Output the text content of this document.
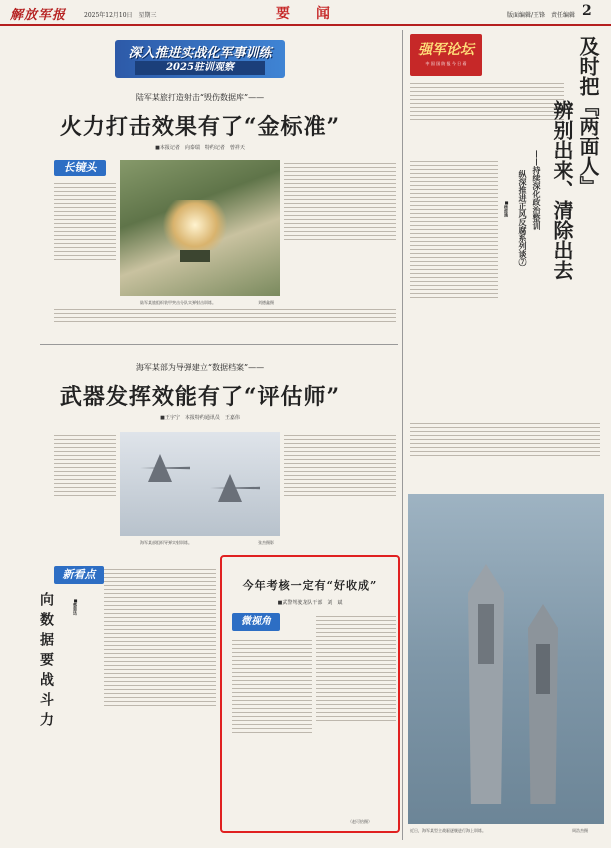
解放军报	2025年12月10日　星期三	要　闻	版面编辑/王锋　责任编辑 2
深入推进实战化军事训练
2025驻训观察
陆军某旅打造射击“毁伤数据库”——
火力打击效果有了“金标准”
■本报记者　向泰瑞　特约记者　曾祥天
长镜头
陆军某旅组织装甲突击分队实弹射击训练。	刘德鑫摄
海军某部为导弹建立“数据档案”——
武器发挥效能有了“评估师”
■王宇宁　本报特约通讯员　王嘉伟
海军某部组织导弹实射训练。	张杰摄影
新看点
向数据要战斗力	■蔡思达
今年考核一定有“好收成”
■武警驾驶龙队干部　刘　斌
微视角
（赵可怡摄）
强军论坛
中 国 国 防 报 今 日 看	及时把『两面人』
辨别出来、清除出去
——持续深化政治整训
纵深推进正风反腐系列谈⑦
■杨波涌
近日，海军某型主战驱逐舰进行海上训练。	周浩杰摄
